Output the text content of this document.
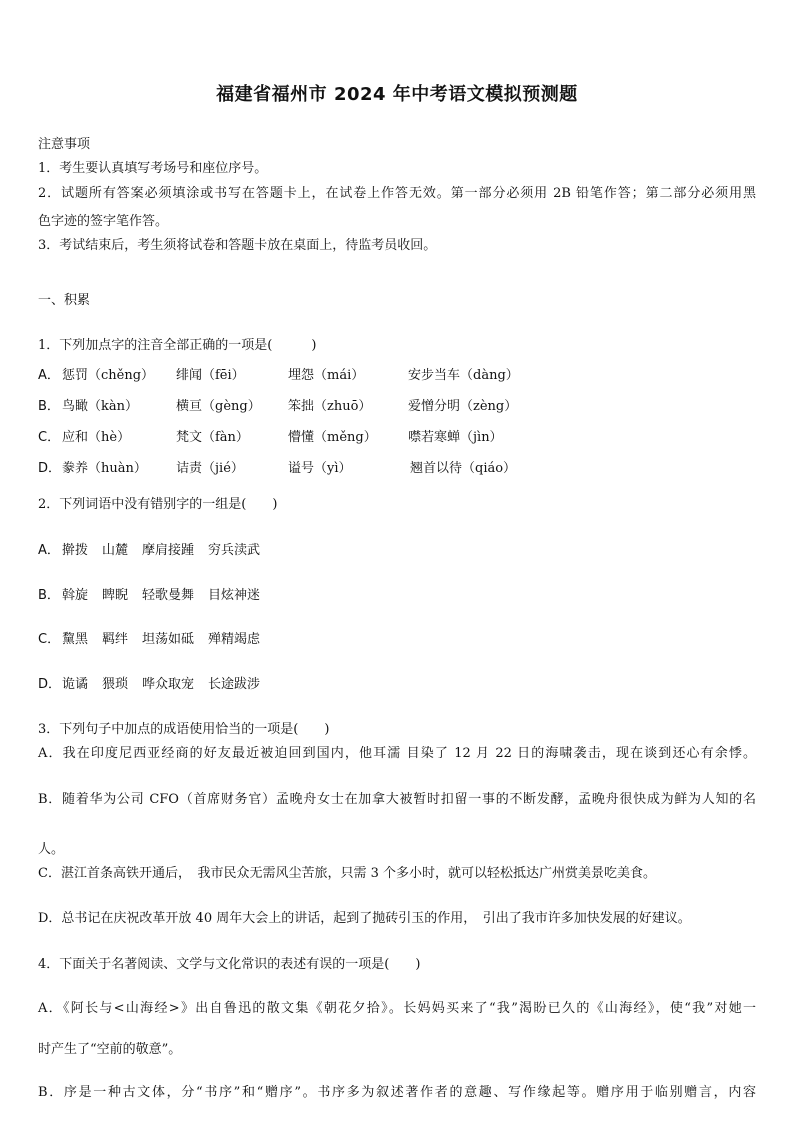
福建省福州市 2024 年中考语文模拟预测题
注意事项
1．考生要认真填写考场号和座位序号。
2．试题所有答案必须填涂或书写在答题卡上，在试卷上作答无效。第一部分必须用 2B 铅笔作答；第二部分必须用黑
色字迹的签字笔作答。
3．考试结束后，考生须将试卷和答题卡放在桌面上，待监考员收回。
一、积累
1．下列加点字的注音全部正确的一项是(　　　)
A． 惩罚（chěng）	绯闻（fēi）	埋怨（mái）	安步当车（dàng）
B． 鸟瞰（kàn）	横亘（gèng）	笨拙（zhuō）	爱憎分明（zèng）
C． 应和（hè）	梵文（fàn）	懵懂（měng）	噤若寒蝉（jìn）
D． 豢养（huàn）	诘责（jié）	谥号（yì）	翘首以待（qiáo）
2．下列词语中没有错别字的一组是(　　)
A． 擀拨 山麓 摩肩接踵 穷兵渎武
B． 斡旋 睥睨 轻歌曼舞 目炫神迷
C． 黧黑 羁绊 坦荡如砥 殚精竭虑
D． 诡谲 猥琐 哗众取宠 长途跋涉
3．下列句子中加点的成语使用恰当的一项是(　　)
A．我在印度尼西亚经商的好友最近被迫回到国内，他耳濡 目染了 12 月 22 日的海啸袭击，现在谈到还心有余悸。
B．随着华为公司 CFO（首席财务官）孟晚舟女士在加拿大被暂时扣留一事的不断发酵，孟晚舟很快成为鲜为人知的名
人。
C．湛江首条高铁开通后，　我市民众无需风尘苦旅，只需 3 个多小时，就可以轻松抵达广州赏美景吃美食。
D．总书记在庆祝改革开放 40 周年大会上的讲话，起到了抛砖引玉的作用，　引出了我市许多加快发展的好建议。
4．下面关于名著阅读、文学与文化常识的表述有误的一项是(　　)
A．《阿长与<山海经>》出自鲁迅的散文集《朝花夕拾》。长妈妈买来了“我”渴盼已久的《山海经》，使“我”对她一
时产生了“空前的敬意”。
B．序是一种古文体，分“书序”和“赠序”。书序多为叙述著作者的意趣、写作缘起等。赠序用于临别赠言，内容
